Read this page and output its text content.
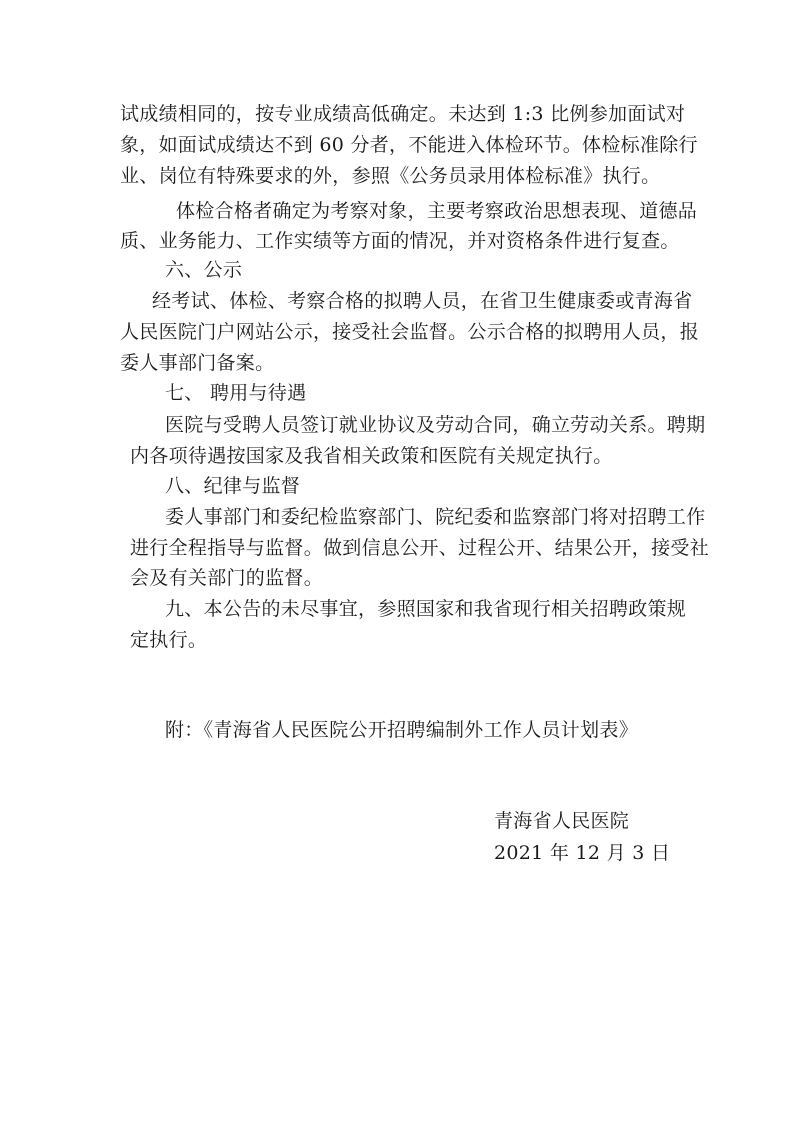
试成绩相同的，按专业成绩高低确定。未达到 1:3 比例参加面试对
象，如面试成绩达不到 60 分者，不能进入体检环节。体检标准除行
业、岗位有特殊要求的外，参照《公务员录用体检标准》执行。
体检合格者确定为考察对象，主要考察政治思想表现、道德品
质、业务能力、工作实绩等方面的情况，并对资格条件进行复查。
六、公示
经考试、体检、考察合格的拟聘人员，在省卫生健康委或青海省
人民医院门户网站公示，接受社会监督。公示合格的拟聘用人员，报
委人事部门备案。
七、 聘用与待遇
医院与受聘人员签订就业协议及劳动合同，确立劳动关系。聘期
内各项待遇按国家及我省相关政策和医院有关规定执行。
八、纪律与监督
委人事部门和委纪检监察部门、院纪委和监察部门将对招聘工作
进行全程指导与监督。做到信息公开、过程公开、结果公开，接受社
会及有关部门的监督。
九、本公告的未尽事宜，参照国家和我省现行相关招聘政策规
定执行。
附：《青海省人民医院公开招聘编制外工作人员计划表》
青海省人民医院
2021 年 12 月 3 日
